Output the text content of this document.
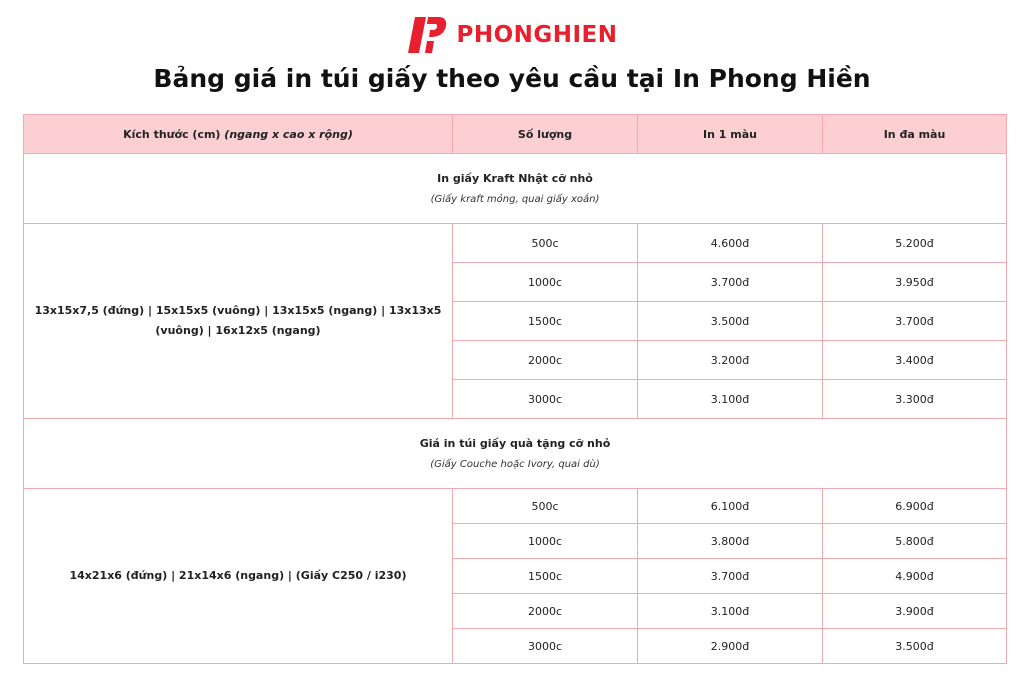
PHONGHIEN
Bảng giá in túi giấy theo yêu cầu tại In Phong Hiền
Kích thước (cm) (ngang x cao x rộng)	Số lượng	In 1 màu	In đa màu

In giấy Kraft Nhật cỡ nhỏ
(Giấy kraft mỏng, quai giấy xoắn)			

13x15x7,5 (đứng) | 15x15x5 (vuông) | 13x15x5 (ngang) | 13x13x5 (vuông) | 16x12x5 (ngang)	500c	4.600đ	5.200đ
	1000c	3.700đ	3.950đ
	1500c	3.500đ	3.700đ
	2000c	3.200đ	3.400đ
	3000c	3.100đ	3.300đ

Giá in túi giấy quà tặng cỡ nhỏ
(Giấy Couche hoặc Ivory, quai dù)			

14x21x6 (đứng) | 21x14x6 (ngang) | (Giấy C250 / i230)	500c	6.100đ	6.900đ
	1000c	3.800đ	5.800đ
	1500c	3.700đ	4.900đ
	2000c	3.100đ	3.900đ
	3000c	2.900đ	3.500đ
